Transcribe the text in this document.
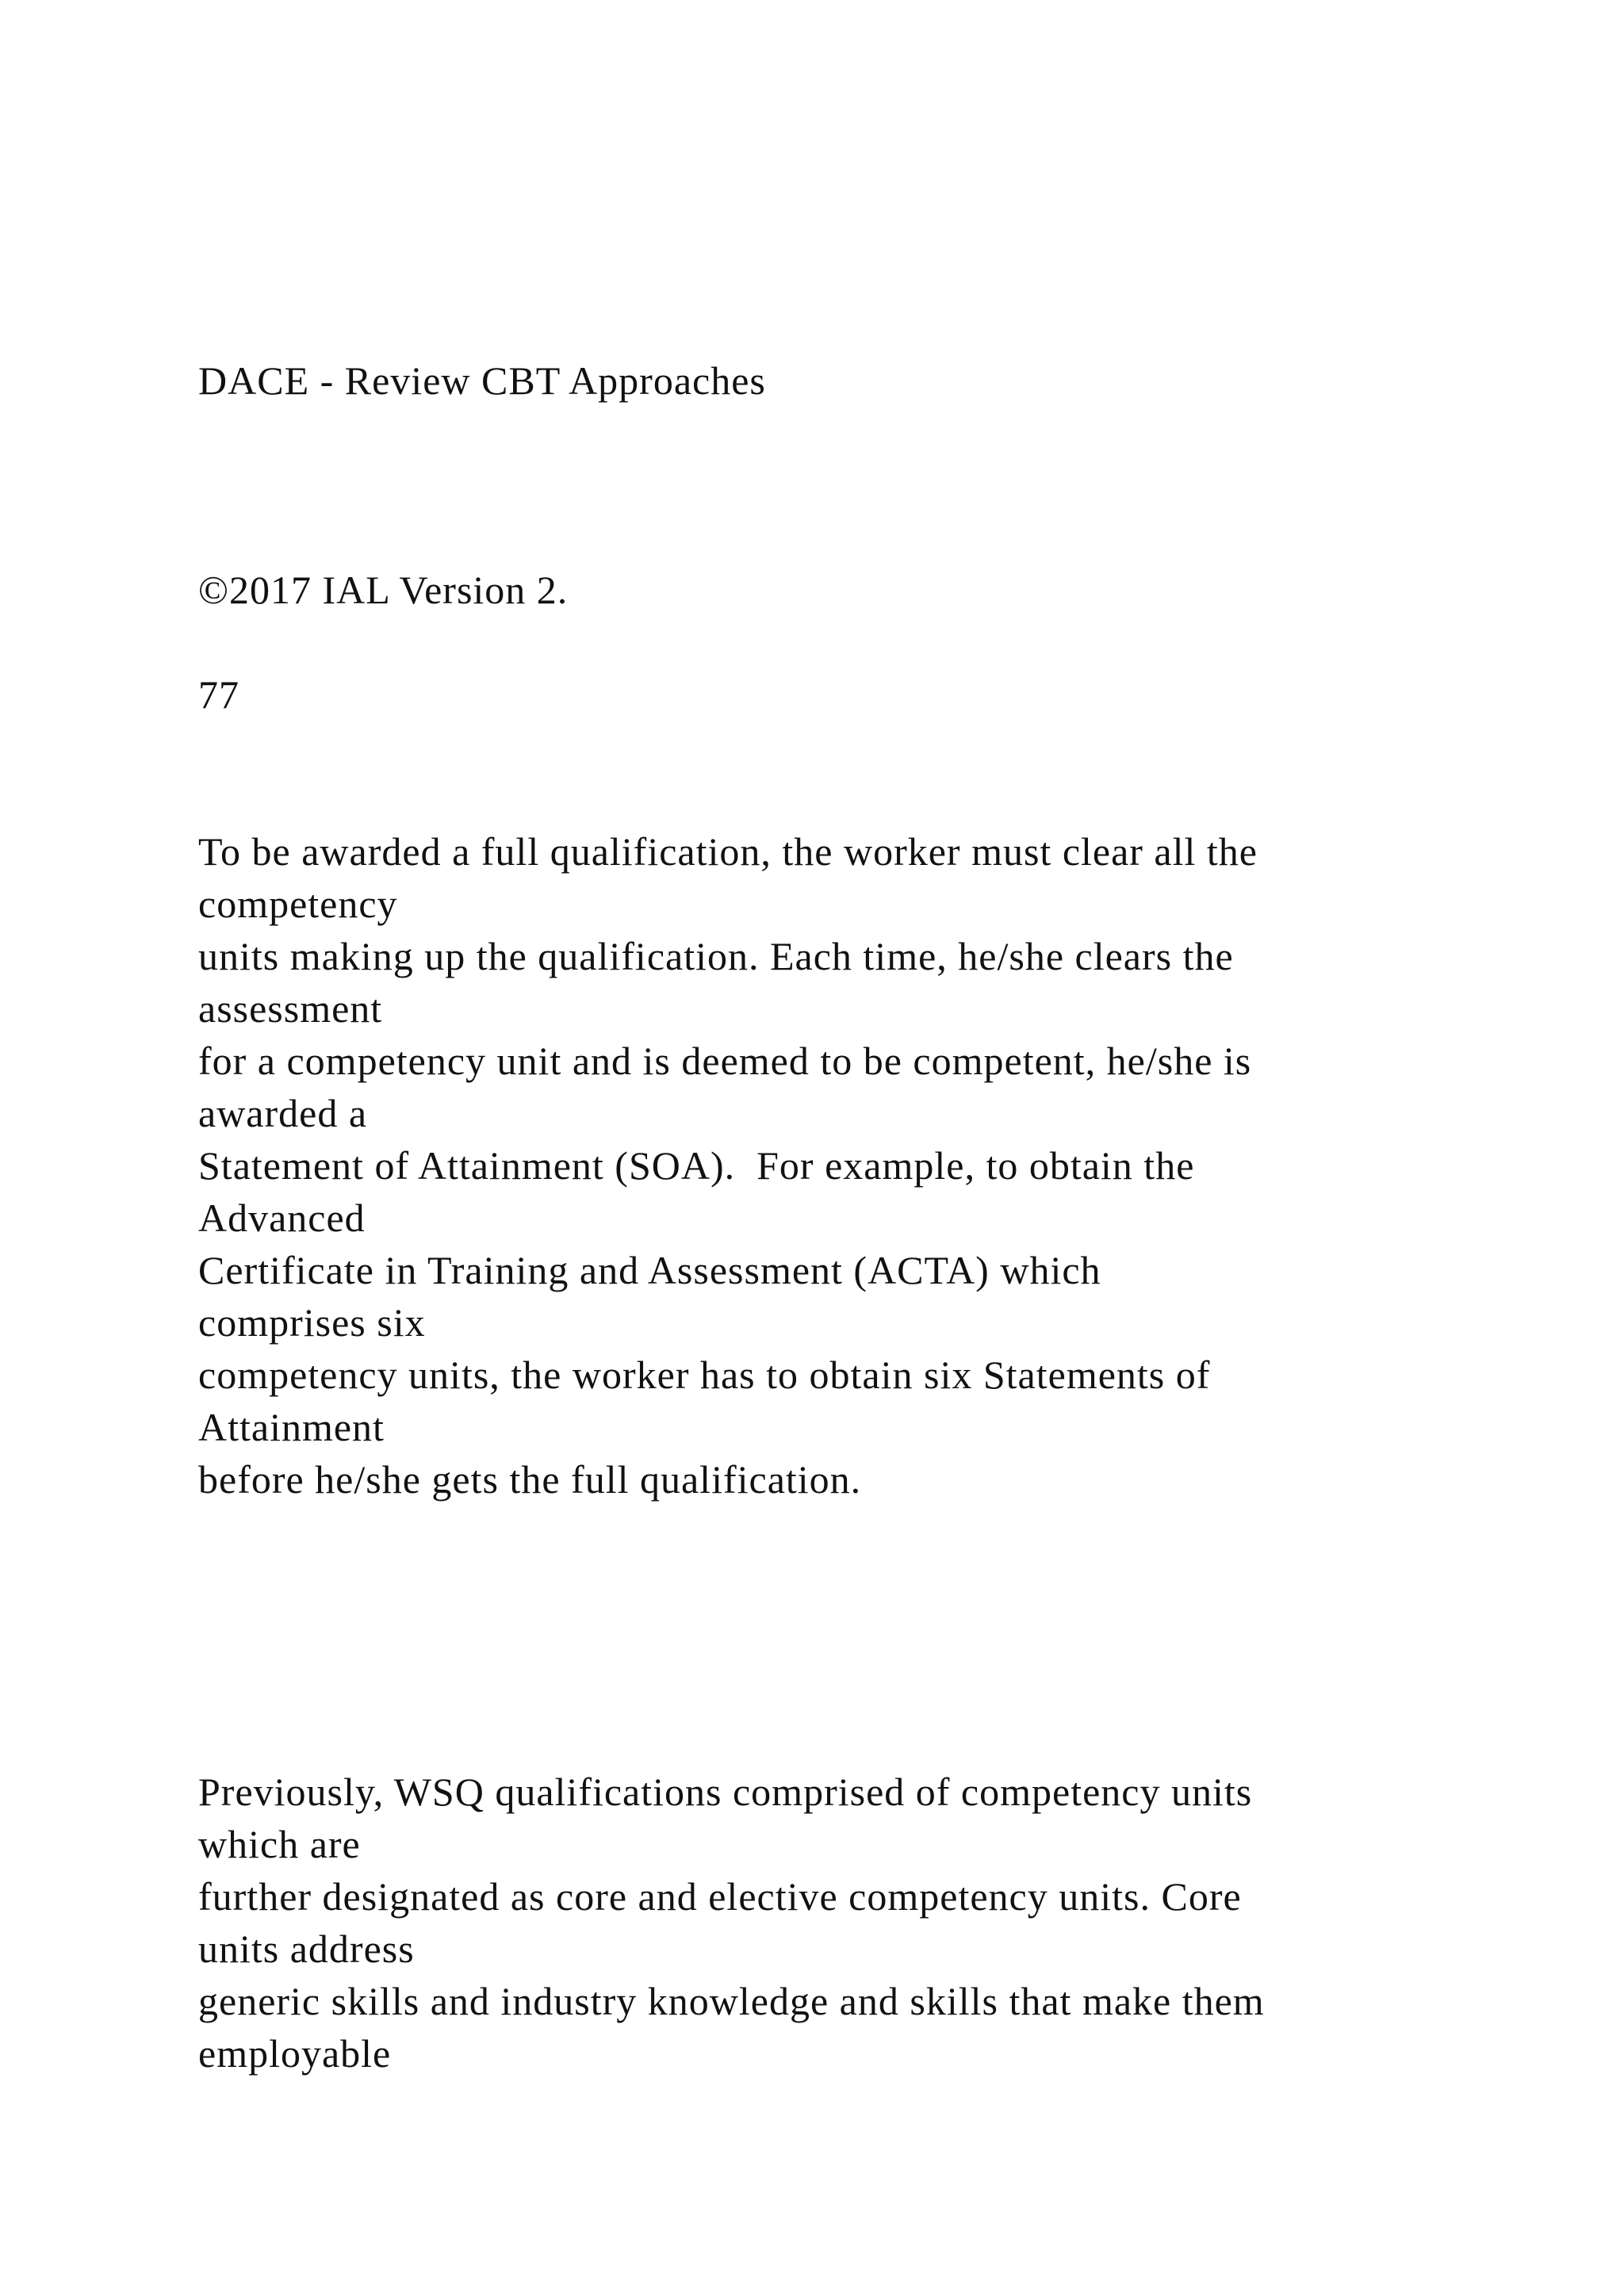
DACE - Review CBT Approaches

©2017 IAL Version 2.

77

To be awarded a full qualification, the worker must clear all the

competency

units making up the qualification. Each time, he/she clears the

assessment

for a competency unit and is deemed to be competent, he/she is

awarded a

Statement of Attainment (SOA).  For example, to obtain the

Advanced

Certificate in Training and Assessment (ACTA) which

comprises six

competency units, the worker has to obtain six Statements of

Attainment

before he/she gets the full qualification.

Previously, WSQ qualifications comprised of competency units

which are

further designated as core and elective competency units. Core

units address

generic skills and industry knowledge and skills that make them

employable
